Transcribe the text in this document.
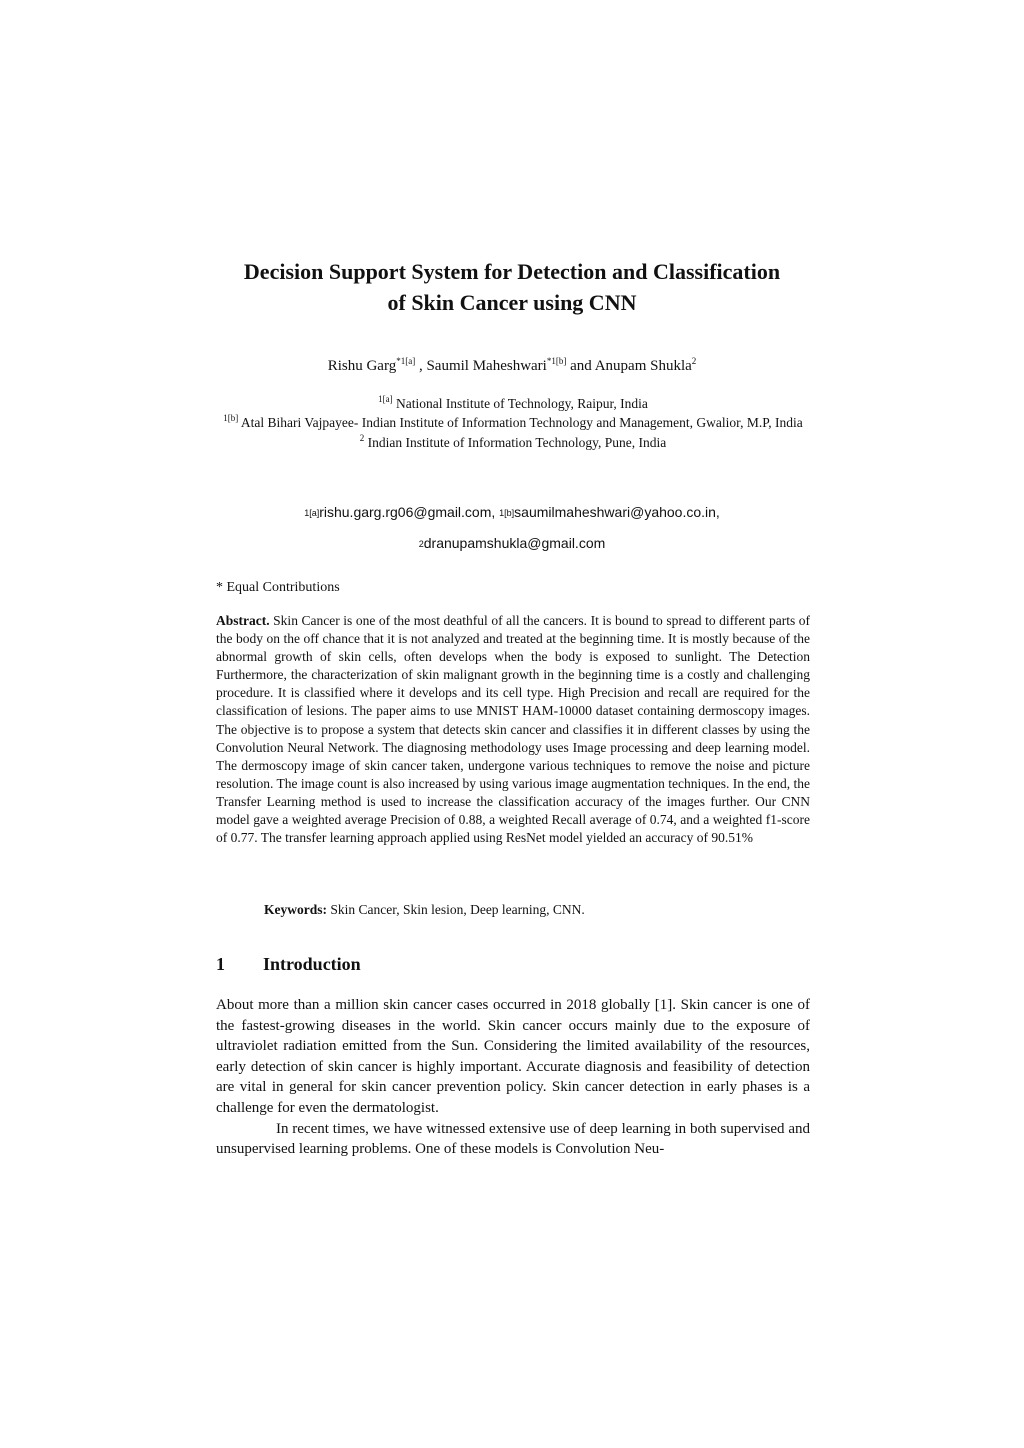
Decision Support System for Detection and Classification
of Skin Cancer using CNN
Rishu Garg$^{*1[a]}$ , Saumil Maheshwari$^{*1[b]}$ and Anupam Shukla$^2$
$^{1[a]}$ National Institute of Technology, Raipur, India
$^{1[b]}$ Atal Bihari Vajpayee- Indian Institute of Information Technology and Management, Gwalior, M.P, India
$^2$ Indian Institute of Information Technology, Pune, India
1[a]rishu.garg.rg06@gmail.com, 1[b]saumilmaheshwari@yahoo.co.in,
2dranupamshukla@gmail.com
* Equal Contributions
Abstract. Skin Cancer is one of the most deathful of all the cancers. It is bound to spread to different parts of the body on the off chance that it is not analyzed and treated at the beginning time. It is mostly because of the abnormal growth of skin cells, often develops when the body is exposed to sunlight. The Detection Furthermore, the characterization of skin malignant growth in the beginning time is a costly and challenging procedure. It is classified where it develops and its cell type. High Precision and recall are required for the classification of lesions. The paper aims to use MNIST HAM-10000 dataset containing dermoscopy images. The objective is to propose a system that detects skin cancer and classifies it in different classes by using the Convolution Neural Network. The diagnosing methodology uses Image processing and deep learning model. The dermoscopy image of skin cancer taken, undergone various techniques to remove the noise and picture resolution. The image count is also increased by using various image augmentation techniques. In the end, the Transfer Learning method is used to increase the classification accuracy of the images further. Our CNN model gave a weighted average Precision of 0.88, a weighted Recall average of 0.74, and a weighted f1-score of 0.77. The transfer learning approach applied using ResNet model yielded an accuracy of 90.51%
Keywords: Skin Cancer, Skin lesion, Deep learning, CNN.
1 Introduction

About more than a million skin cancer cases occurred in 2018 globally [1]. Skin cancer is one of the fastest-growing diseases in the world. Skin cancer occurs mainly due to the exposure of ultraviolet radiation emitted from the Sun. Considering the limited availability of the resources, early detection of skin cancer is highly important. Accurate diagnosis and feasibility of detection are vital in general for skin cancer prevention policy. Skin cancer detection in early phases is a challenge for even the dermatologist.

In recent times, we have witnessed extensive use of deep learning in both supervised and unsupervised learning problems. One of these models is Convolution Neu-
